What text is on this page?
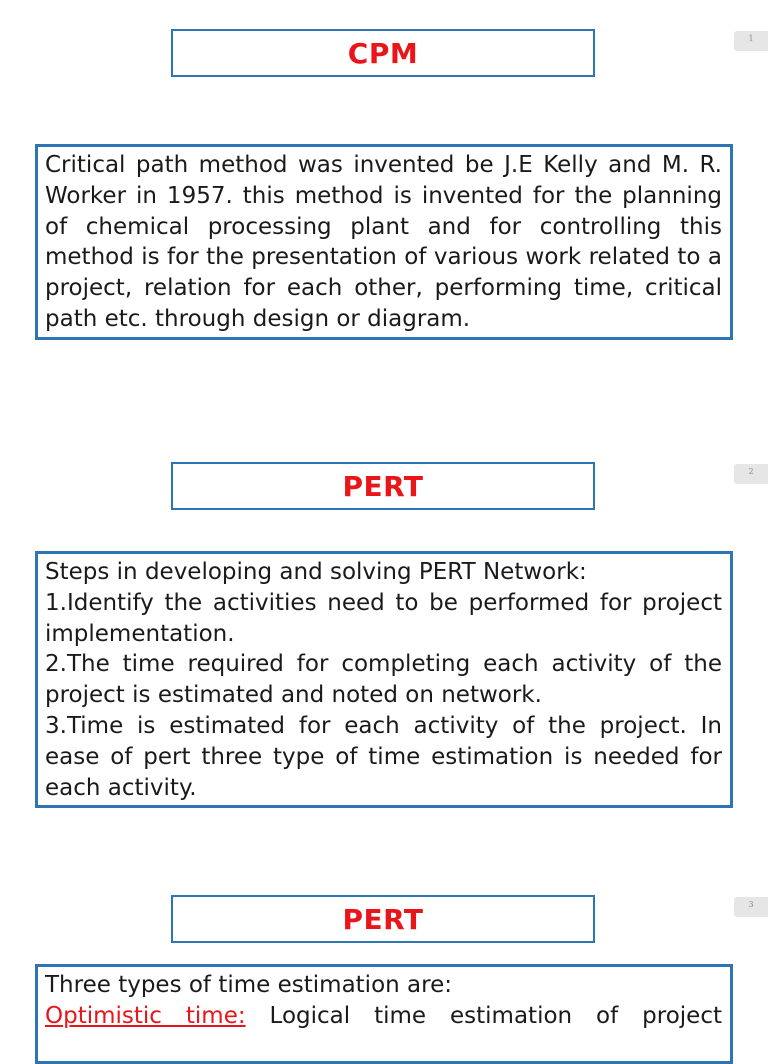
CPM	1

Critical path method was invented be J.E Kelly and M. R. Worker in 1957. this method is invented for the planning of chemical processing plant and for controlling this method is for the presentation of various work related to a project, relation for each other, performing time, critical path etc. through design or diagram.

PERT	2

Steps in developing and solving PERT Network:

1.Identify the activities need to be performed for project implementation.

2.The time required for completing each activity of the project is estimated and noted on network.

3.Time is estimated for each activity of the project. In ease of pert three type of time estimation is needed for each activity.

PERT	3

Three types of time estimation are:

Optimistic time: Logical time estimation of project
